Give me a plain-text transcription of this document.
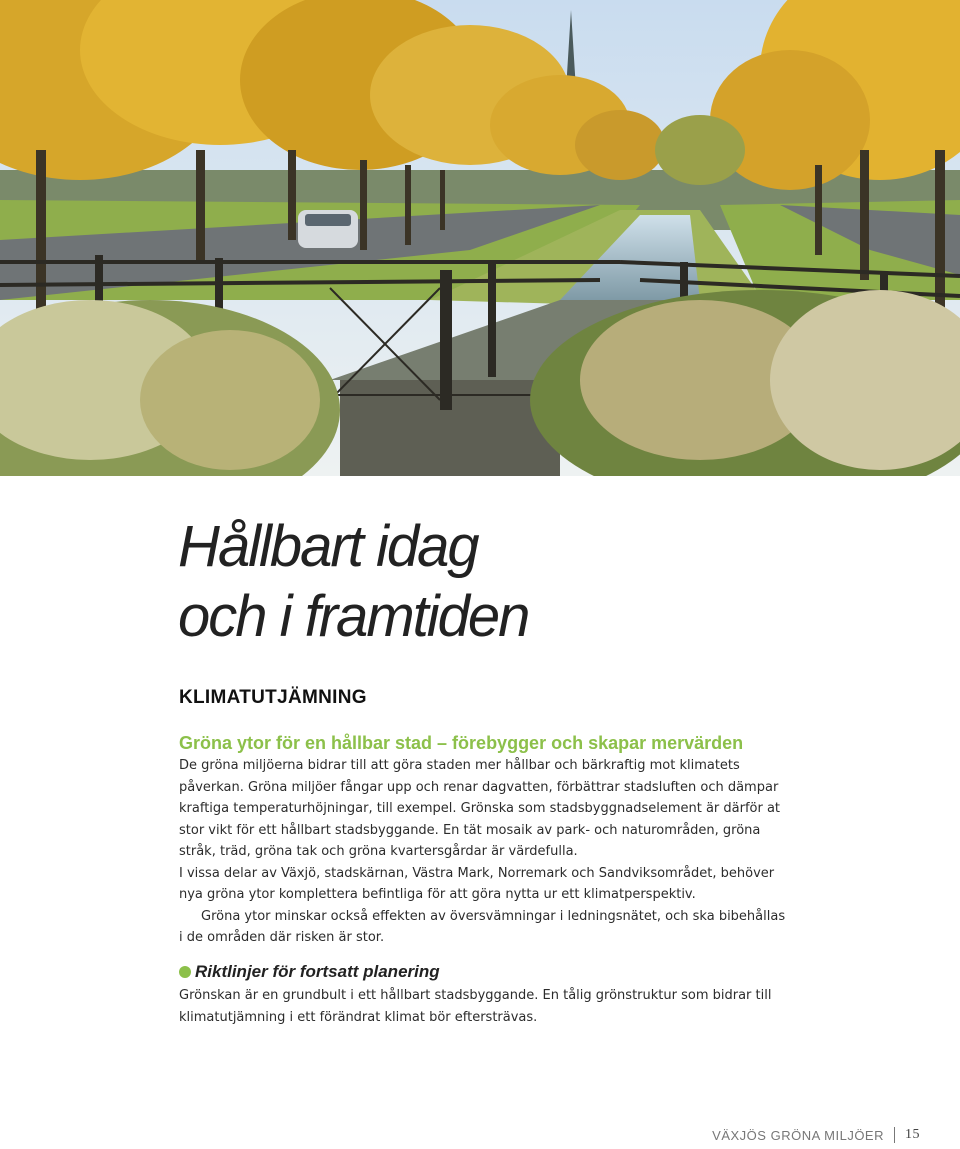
Hållbart idag
och i framtiden
KLIMATUTJÄMNING
Gröna ytor för en hållbar stad – förebygger och skapar mervärden

De gröna miljöerna bidrar till att göra staden mer hållbar och bärkraftig mot klimatets påverkan. Gröna miljöer fångar upp och renar dagvatten, förbättrar stadsluften och dämpar kraftiga temperaturhöjningar, till exempel. Grönska som stadsbyggnadselement är därför at stor vikt för ett hållbart stadsbyggande. En tät mosaik av park- och naturområden, gröna stråk, träd, gröna tak och gröna kvartersgårdar är värdefulla.

I vissa delar av Växjö, stadskärnan, Västra Mark, Norremark och Sandviksområdet, behöver nya gröna ytor komplettera befintliga för att göra nytta ur ett klimatperspektiv.

Gröna ytor minskar också effekten av översvämningar i ledningsnätet, och ska bibehållas i de områden där risken är stor.

Riktlinjer för fortsatt planering

Grönskan är en grundbult i ett hållbart stadsbyggande. En tålig grönstruktur som bidrar till klimatutjämning i ett förändrat klimat bör eftersträvas.

VÄXJÖS GRÖNA MILJÖER 15
